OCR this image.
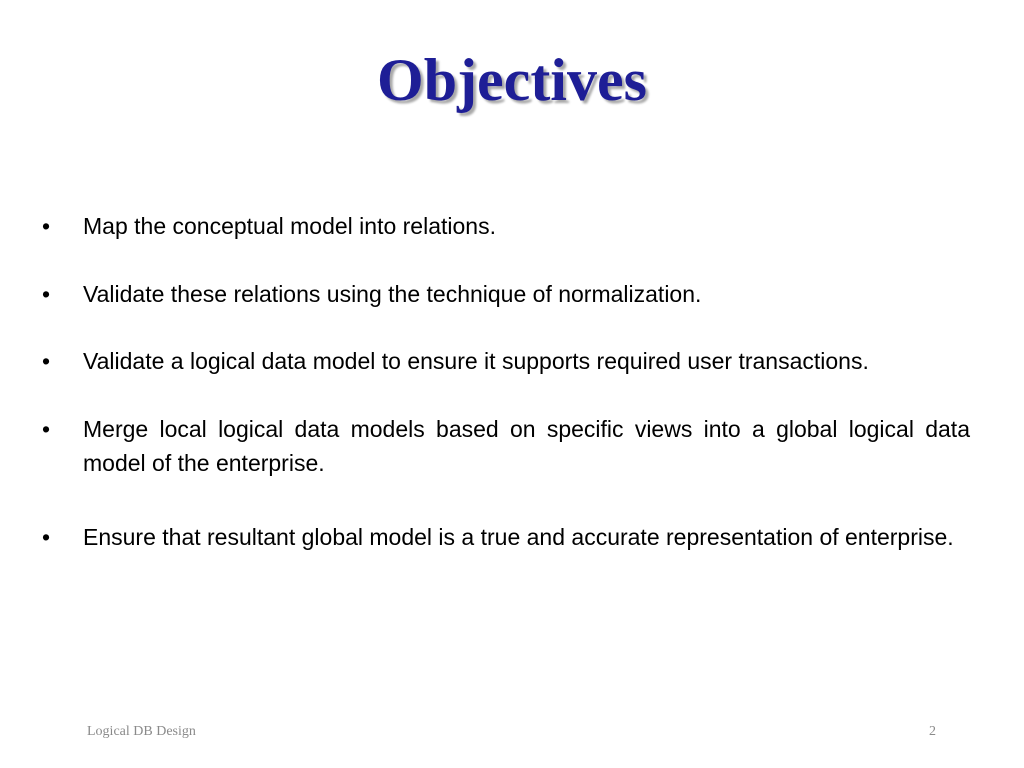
Objectives
•	Map the conceptual model into relations.
•	Validate these relations using the technique of normalization.
•	Validate a logical data model to ensure it supports required user transactions.
•	Merge local logical data models based on specific views into a global logical data model of the enterprise.
•	Ensure that resultant global model is a true and accurate representation of enterprise.
Logical DB Design	2
